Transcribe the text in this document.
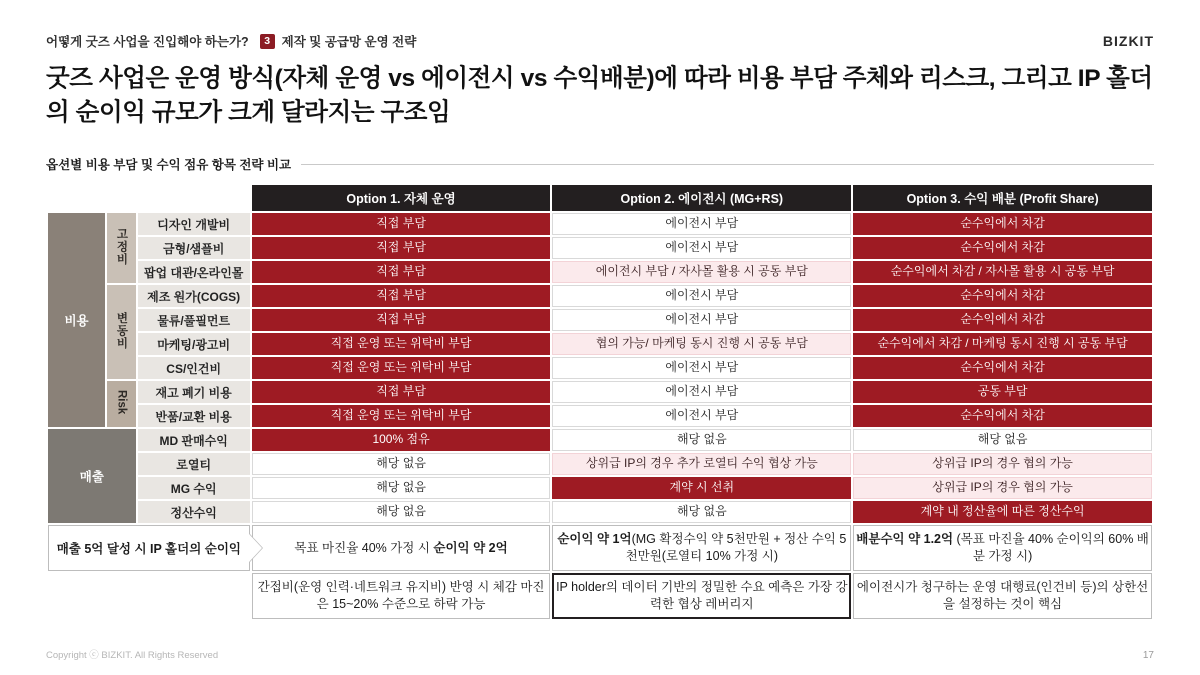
어떻게 굿즈 사업을 진입해야 하는가?	3 제작 및 공급망 운영 전략	BIZKIT
굿즈 사업은 운영 방식(자체 운영 vs 에이전시 vs 수익배분)에 따라 비용 부담 주체와 리스크, 그리고 IP 홀더의 순이익 규모가 크게 달라지는 구조임
옵션별 비용 부담 및 수익 점유 항목 전략 비교
			Option 1. 자체 운영	Option 2. 에이전시 (MG+RS)	Option 3. 수익 배분 (Profit Share)
비용	고정비	디자인 개발비	직접 부담	에이전시 부담	순수익에서 차감
		금형/샘플비	직접 부담	에이전시 부담	순수익에서 차감
		팝업 대관/온라인몰	직접 부담	에이전시 부담 / 자사몰 활용 시 공동 부담	순수익에서 차감 / 자사몰 활용 시 공동 부담
	변동비	제조 원가(COGS)	직접 부담	에이전시 부담	순수익에서 차감
		물류/풀필먼트	직접 부담	에이전시 부담	순수익에서 차감
		마케팅/광고비	직접 운영 또는 위탁비 부담	협의 가능/ 마케팅 동시 진행 시 공동 부담	순수익에서 차감 / 마케팅 동시 진행 시 공동 부담
		CS/인건비	직접 운영 또는 위탁비 부담	에이전시 부담	순수익에서 차감
	Risk	재고 폐기 비용	직접 부담	에이전시 부담	공동 부담
		반품/교환 비용	직접 운영 또는 위탁비 부담	에이전시 부담	순수익에서 차감
매출		MD 판매수익	100% 점유	해당 없음	해당 없음
		로열티	해당 없음	상위급 IP의 경우 추가 로열티 수익 협상 가능	상위급 IP의 경우 협의 가능
		MG 수익	해당 없음	계약 시 선취	상위급 IP의 경우 협의 가능
		정산수익	해당 없음	해당 없음	계약 내 정산율에 따른 정산수익
매출 5억 달성 시 IP 홀더의 순이익			목표 마진율 40% 가정 시 순이익 약 2억	순이익 약 1억(MG 확정수익 약 5천만원 + 정산 수익 5천만원(로열티 10% 가정 시)	배분수익 약 1.2억 (목표 마진율 40% 순이익의 60% 배분 가정 시)
			간접비(운영 인력·네트워크 유지비) 반영 시 체감 마진은 15~20% 수준으로 하락 가능	IP holder의 데이터 기반의 정밀한 수요 예측은 가장 강력한 협상 레버리지	에이전시가 청구하는 운영 대행료(인건비 등)의 상한선을 설정하는 것이 핵심
Copyright ⓒ BIZKIT. All Rights Reserved	17
